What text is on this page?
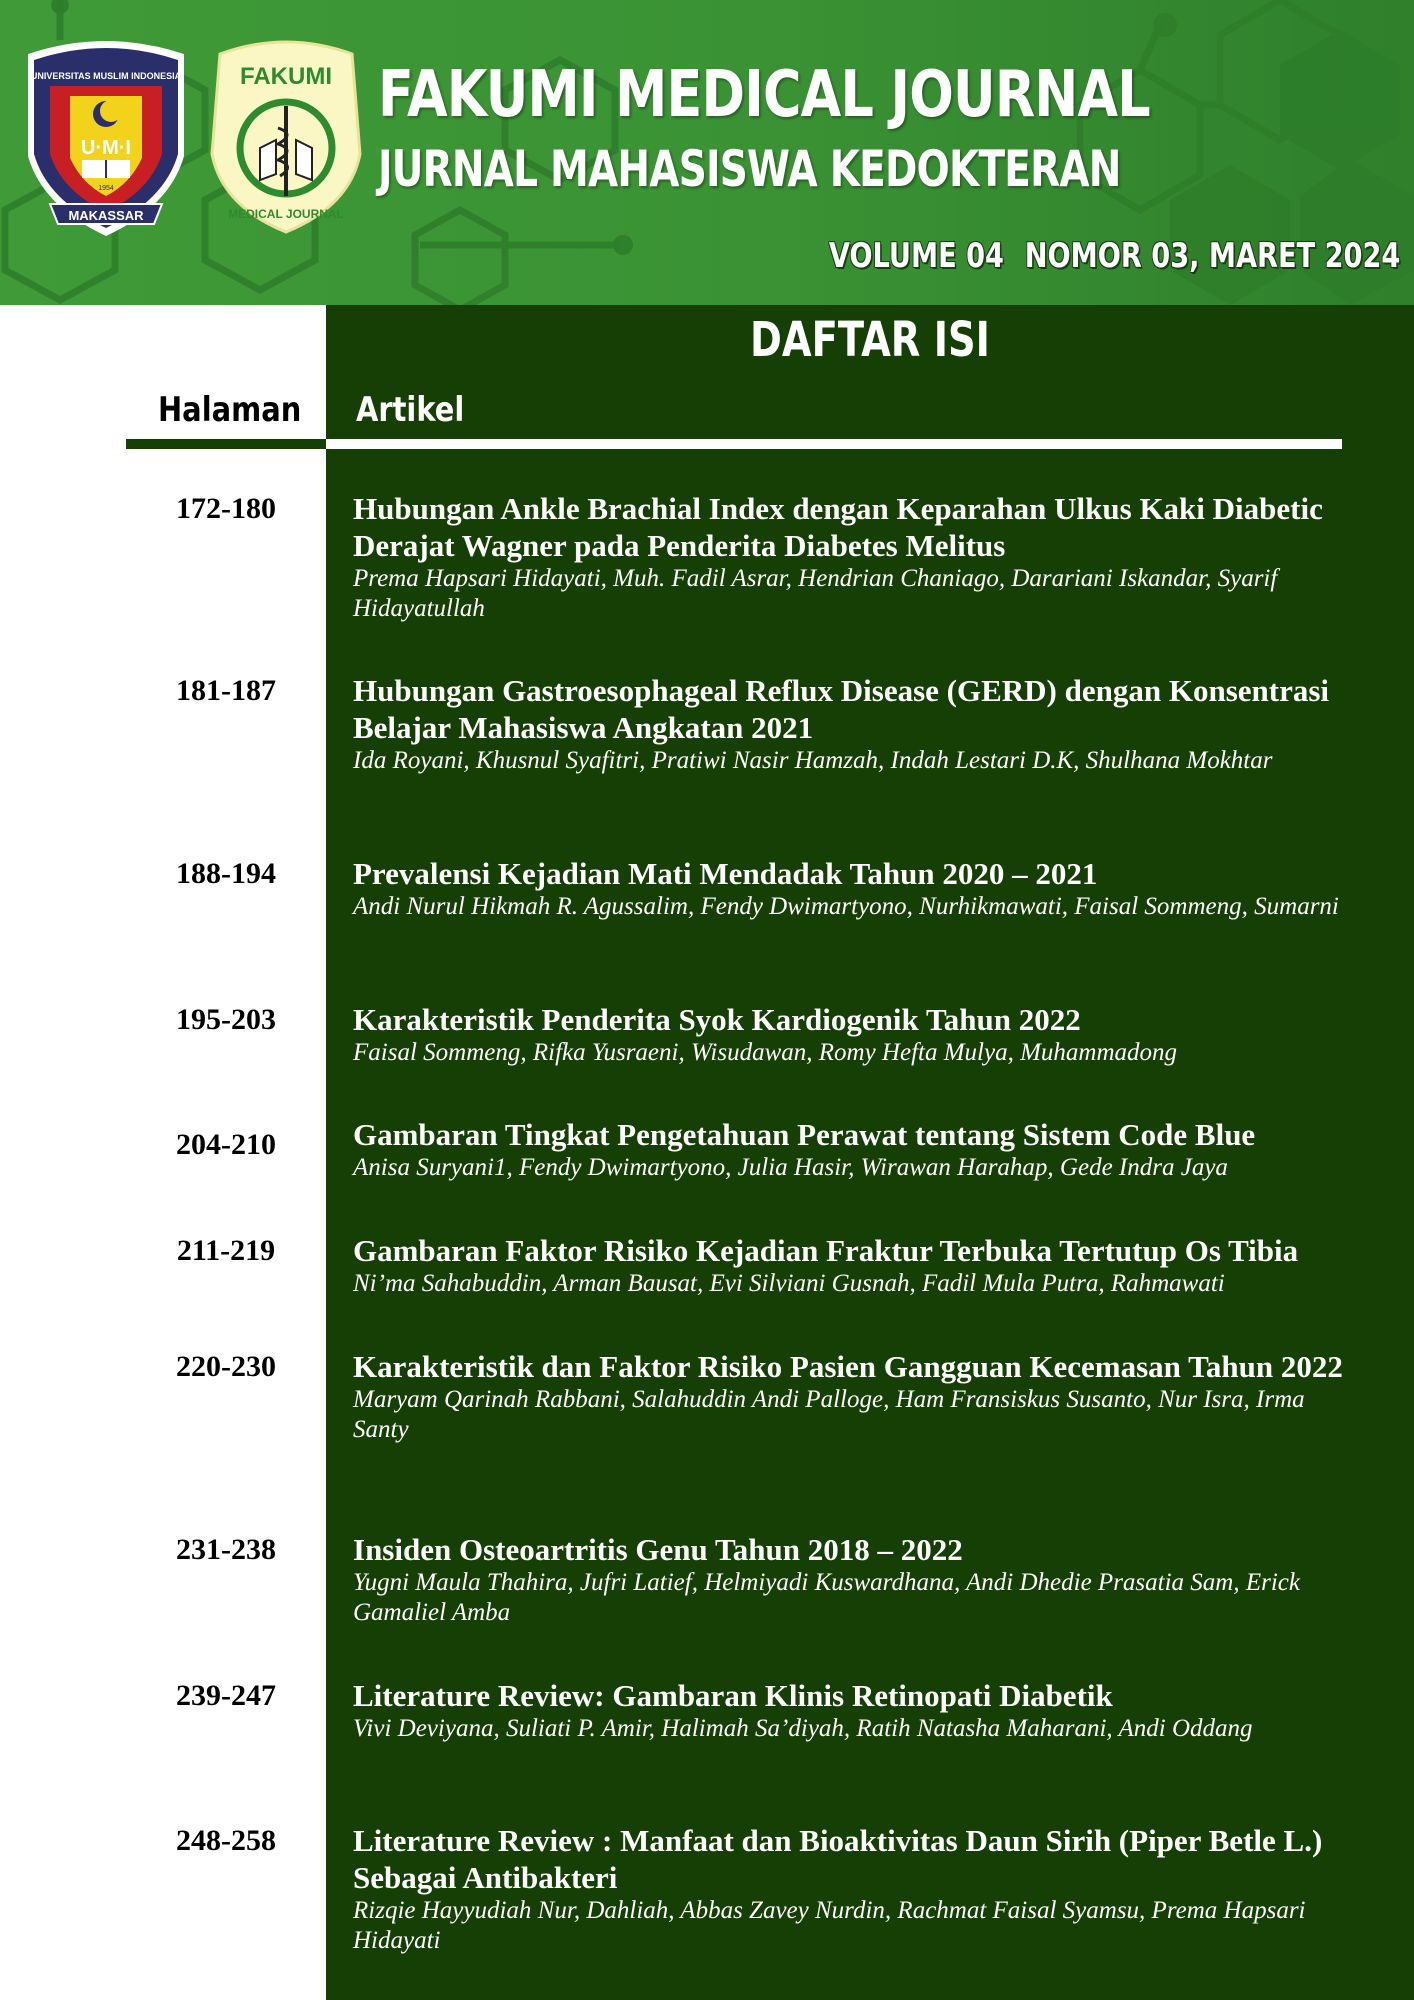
UNIVERSITAS MUSLIM INDONESIA
U·M·I
1954
MAKASSAR
FAKUMI
MEDICAL JOURNAL
FAKUMI MEDICAL JOURNAL
JURNAL MAHASISWA KEDOKTERAN
VOLUME 04 NOMOR 03, MARET 2024
DAFTAR ISI
Halaman Artikel
172-180	Hubungan Ankle Brachial Index dengan Keparahan Ulkus Kaki Diabetic Derajat Wagner pada Penderita Diabetes Melitus

Prema Hapsari Hidayati, Muh. Fadil Asrar, Hendrian Chaniago, Darariani Iskandar, Syarif Hidayatullah

181-187	Hubungan Gastroesophageal Reflux Disease (GERD) dengan Konsentrasi Belajar Mahasiswa Angkatan 2021

Ida Royani, Khusnul Syafitri, Pratiwi Nasir Hamzah, Indah Lestari D.K, Shulhana Mokhtar

188-194	Prevalensi Kejadian Mati Mendadak Tahun 2020 – 2021

Andi Nurul Hikmah R. Agussalim, Fendy Dwimartyono, Nurhikmawati, Faisal Sommeng, Sumarni

195-203	Karakteristik Penderita Syok Kardiogenik Tahun 2022

Faisal Sommeng, Rifka Yusraeni, Wisudawan, Romy Hefta Mulya, Muhammadong

204-210	Gambaran Tingkat Pengetahuan Perawat tentang Sistem Code Blue

Anisa Suryani1, Fendy Dwimartyono, Julia Hasir, Wirawan Harahap, Gede Indra Jaya

211-219	Gambaran Faktor Risiko Kejadian Fraktur Terbuka Tertutup Os Tibia

Ni’ma Sahabuddin, Arman Bausat, Evi Silviani Gusnah, Fadil Mula Putra, Rahmawati

220-230	Karakteristik dan Faktor Risiko Pasien Gangguan Kecemasan Tahun 2022

Maryam Qarinah Rabbani, Salahuddin Andi Palloge, Ham Fransiskus Susanto, Nur Isra, Irma Santy

231-238	Insiden Osteoartritis Genu Tahun 2018 – 2022

Yugni Maula Thahira, Jufri Latief, Helmiyadi Kuswardhana, Andi Dhedie Prasatia Sam, Erick Gamaliel Amba

239-247	Literature Review: Gambaran Klinis Retinopati Diabetik

Vivi Deviyana, Suliati P. Amir, Halimah Sa’diyah, Ratih Natasha Maharani, Andi Oddang

248-258	Literature Review : Manfaat dan Bioaktivitas Daun Sirih (Piper Betle L.) Sebagai Antibakteri

Rizqie Hayyudiah Nur, Dahliah, Abbas Zavey Nurdin, Rachmat Faisal Syamsu, Prema Hapsari Hidayati
